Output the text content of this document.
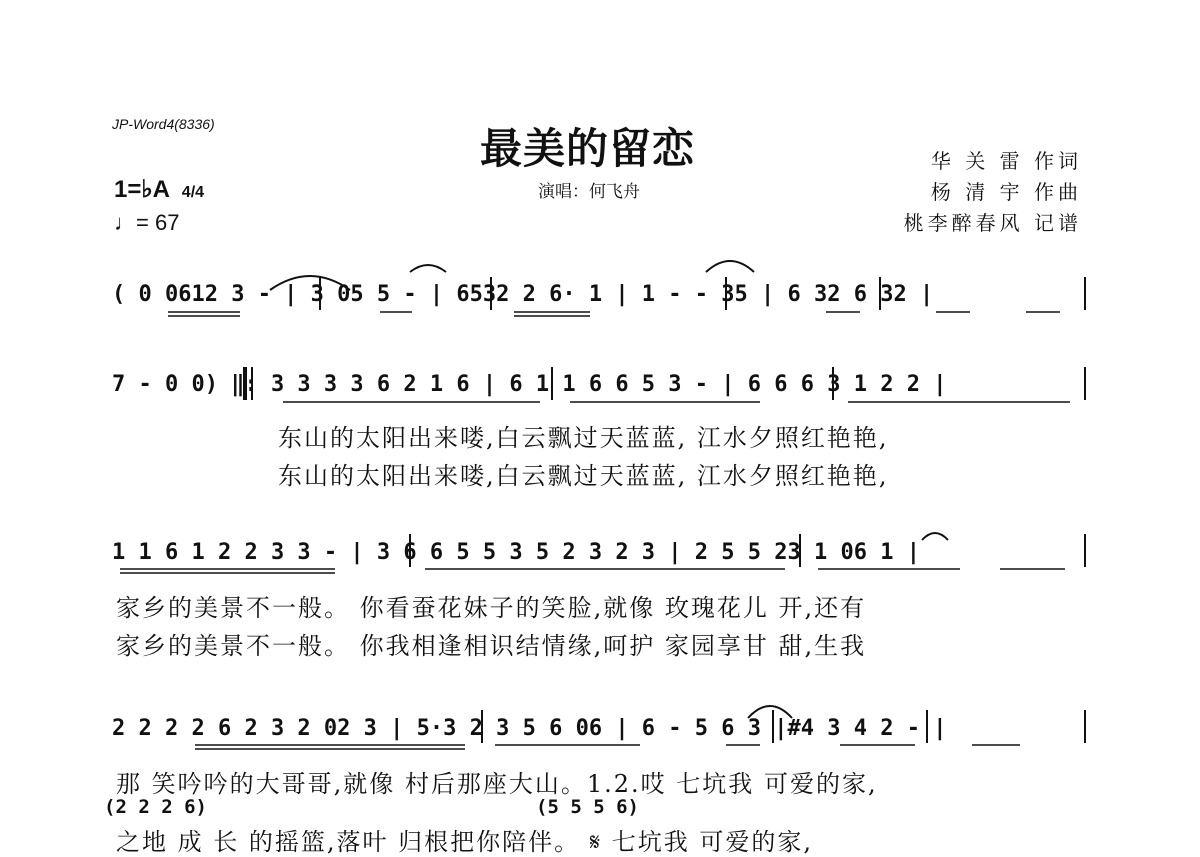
JP-Word4(8336)	最美的留恋
演唱：何飞舟
华 关 雷 作词
杨 清 宇 作曲
桃李醉春风 记谱
1=♭A 4/4
♩= 67
( 0 0612 3 - | 3 05 5 - | 6532 2 6· 1 | 1 - - 35 | 6 32 6 32 |
7 - 0 0) ‖: 3 3 3 3 6 2 1 6 | 6 1 1 6 6 5 3 - | 6 6 6 3 1 2 2 |
东山的太阳出来喽,白云飘过天蓝蓝, 江水夕照红艳艳,
东山的太阳出来喽,白云飘过天蓝蓝, 江水夕照红艳艳,
1 1 6 1 2 2 3 3 - | 3 6 6 5 5 3 5 2 3 2 3 | 2 5 5 23 1 06 1 |
家乡的美景不一般。 你看蚕花妹子的笑脸,就像 玫瑰花儿 开,还有
家乡的美景不一般。 你我相逢相识结情缘,呵护 家园享甘 甜,生我
2 2 2 2 6 2 3 2 02 3 | 5·3 2 3 5 6 06 | 6 - 5 6 3 |#4 3 4 2 - |
那 笑吟吟的大哥哥,就像 村后那座大山。1.2.哎 七坑我 可爱的家,
(2 2 2 6)	(5 5 5 6)
之地 成 长 的摇篮,落叶 归根把你陪伴。 𝄋 七坑我 可爱的家,
